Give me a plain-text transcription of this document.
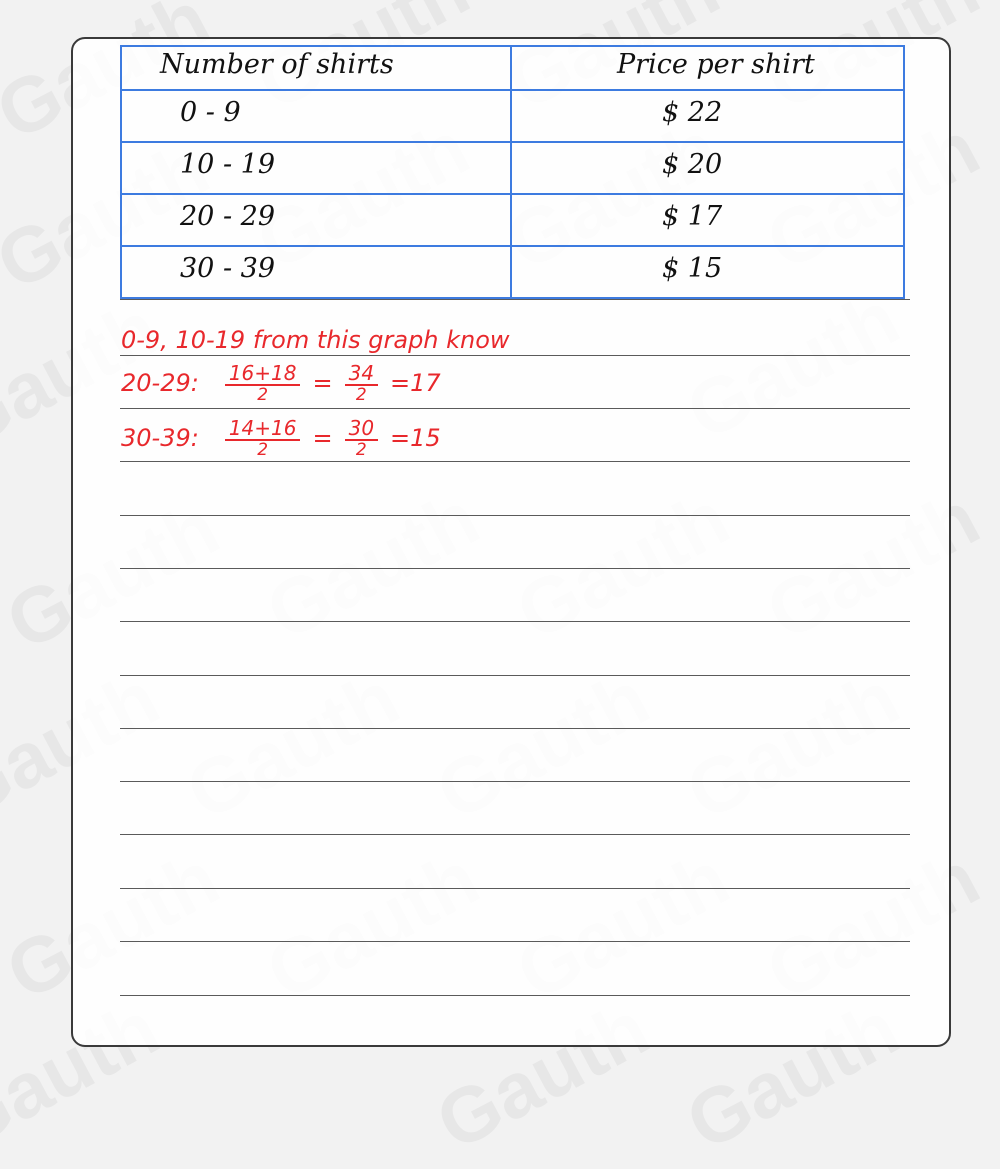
Number of shirts	Price per shirt
0 - 9	$ 22
10 - 19	$ 20
20 - 29	$ 17
30 - 39	$ 15
0-9, 10-19 from this graph know
20-29: $\frac{16+18}{2} = \frac{34}{2} =17$
30-39: $\frac{14+16}{2} = \frac{30}{2} =15$
